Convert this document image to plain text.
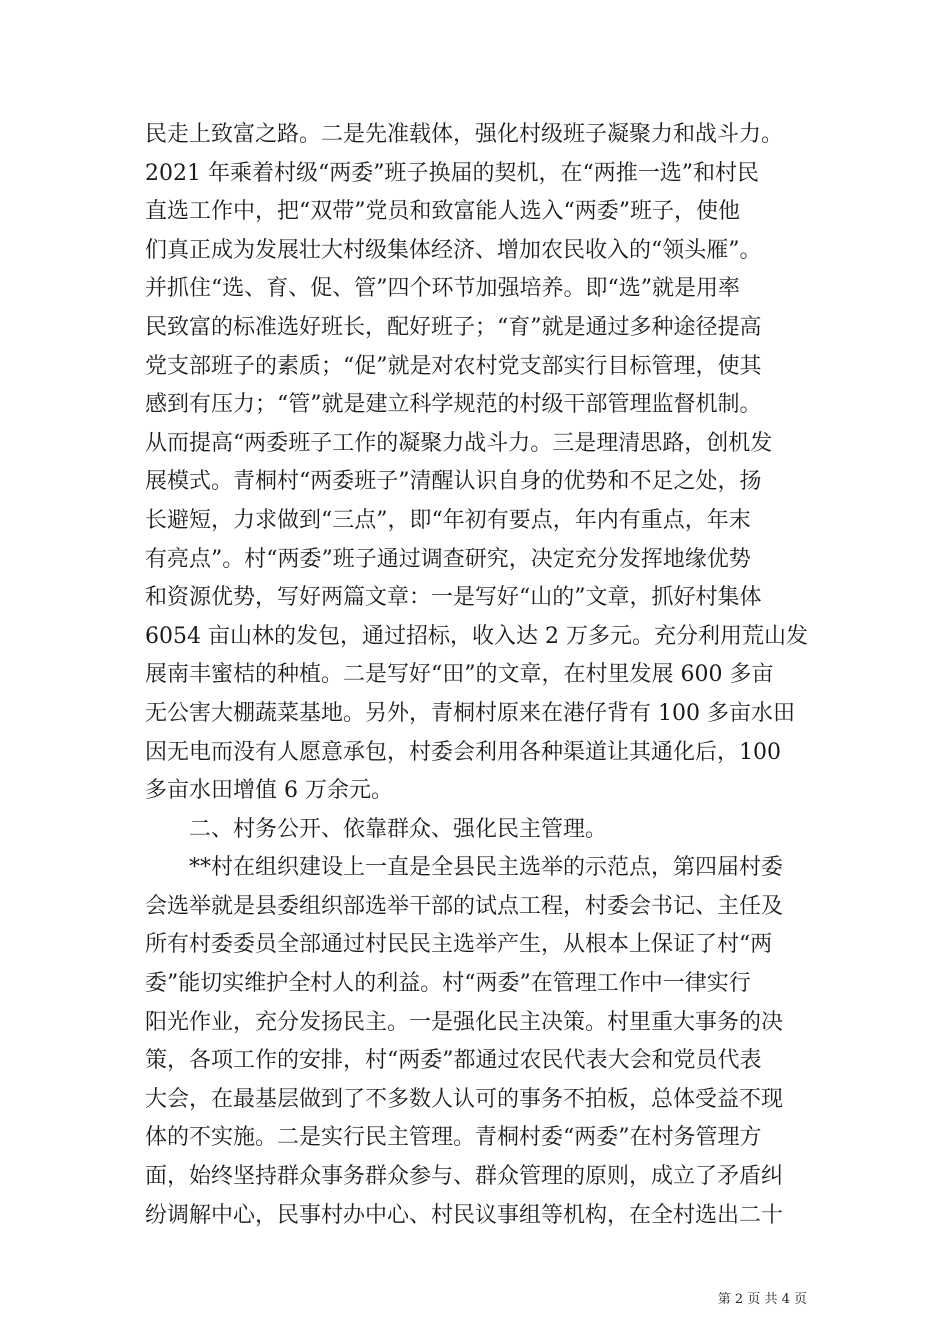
民走上致富之路。二是先准载体，强化村级班子凝聚力和战斗力。
2021 年乘着村级“两委”班子换届的契机，在“两推一选”和村民
直选工作中，把“双带”党员和致富能人选入“两委”班子，使他
们真正成为发展壮大村级集体经济、增加农民收入的“领头雁”。
并抓住“选、育、促、管”四个环节加强培养。即“选”就是用率
民致富的标准选好班长，配好班子；“育”就是通过多种途径提高
党支部班子的素质；“促”就是对农村党支部实行目标管理，使其
感到有压力；“管”就是建立科学规范的村级干部管理监督机制。
从而提高“两委班子工作的凝聚力战斗力。三是理清思路，创机发
展模式。青桐村“两委班子”清醒认识自身的优势和不足之处，扬
长避短，力求做到“三点”，即“年初有要点，年内有重点，年末
有亮点”。村“两委”班子通过调查研究，决定充分发挥地缘优势
和资源优势，写好两篇文章：一是写好“山的”文章，抓好村集体
6054 亩山林的发包，通过招标，收入达 2 万多元。充分利用荒山发
展南丰蜜桔的种植。二是写好“田”的文章，在村里发展 600 多亩
无公害大棚蔬菜基地。另外，青桐村原来在港仔背有 100 多亩水田
因无电而没有人愿意承包，村委会利用各种渠道让其通化后，100
多亩水田增值 6 万余元。
二、村务公开、依靠群众、强化民主管理。
**村在组织建设上一直是全县民主选举的示范点，第四届村委
会选举就是县委组织部选举干部的试点工程，村委会书记、主任及
所有村委委员全部通过村民民主选举产生，从根本上保证了村“两
委”能切实维护全村人的利益。村“两委”在管理工作中一律实行
阳光作业，充分发扬民主。一是强化民主决策。村里重大事务的决
策，各项工作的安排，村“两委”都通过农民代表大会和党员代表
大会，在最基层做到了不多数人认可的事务不拍板，总体受益不现
体的不实施。二是实行民主管理。青桐村委“两委”在村务管理方
面，始终坚持群众事务群众参与、群众管理的原则，成立了矛盾纠
纷调解中心，民事村办中心、村民议事组等机构，在全村选出二十
第 2 页 共 4 页
